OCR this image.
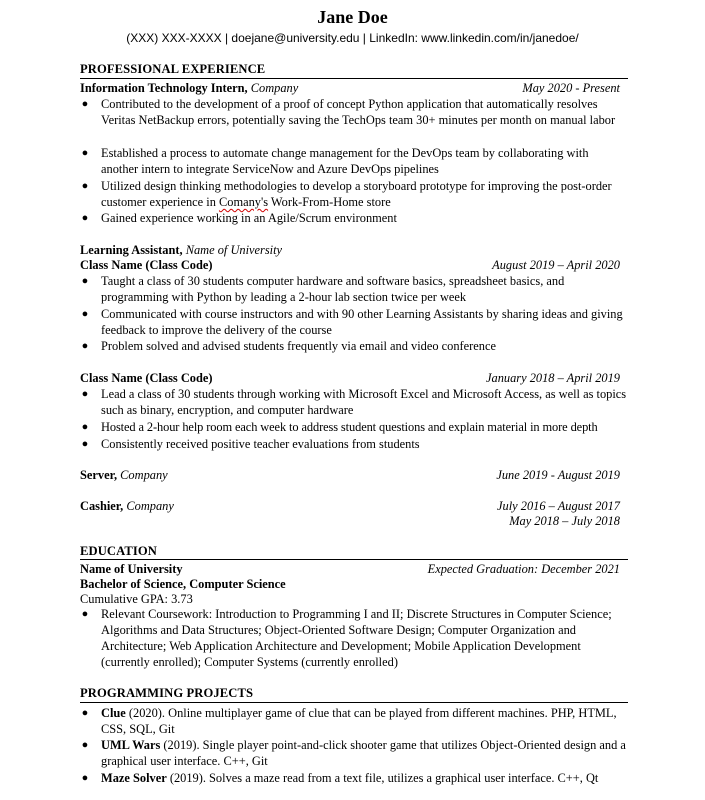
Jane Doe
(XXX) XXX-XXXX | doejane@university.edu | LinkedIn: www.linkedin.com/in/janedoe/
PROFESSIONAL EXPERIENCE
Information Technology Intern, Company	May 2020 - Present
● Contributed to the development of a proof of concept Python application that automatically resolves Veritas NetBackup errors, potentially saving the TechOps team 30+ minutes per month on manual labor
● Established a process to automate change management for the DevOps team by collaborating with another intern to integrate ServiceNow and Azure DevOps pipelines
● Utilized design thinking methodologies to develop a storyboard prototype for improving the post-order customer experience in Comany's Work-From-Home store
● Gained experience working in an Agile/Scrum environment
Learning Assistant, Name of University
Class Name (Class Code)	August 2019 – April 2020
● Taught a class of 30 students computer hardware and software basics, spreadsheet basics, and programming with Python by leading a 2-hour lab section twice per week
● Communicated with course instructors and with 90 other Learning Assistants by sharing ideas and giving feedback to improve the delivery of the course
● Problem solved and advised students frequently via email and video conference
Class Name (Class Code)	January 2018 – April 2019
● Lead a class of 30 students through working with Microsoft Excel and Microsoft Access, as well as topics such as binary, encryption, and computer hardware
● Hosted a 2-hour help room each week to address student questions and explain material in more depth
● Consistently received positive teacher evaluations from students
Server, Company	June 2019 - August 2019
Cashier, Company	July 2016 – August 2017
May 2018 – July 2018
EDUCATION
Name of University	Expected Graduation: December 2021
Bachelor of Science, Computer Science
Cumulative GPA: 3.73
● Relevant Coursework: Introduction to Programming I and II; Discrete Structures in Computer Science; Algorithms and Data Structures; Object-Oriented Software Design; Computer Organization and Architecture; Web Application Architecture and Development; Mobile Application Development (currently enrolled); Computer Systems (currently enrolled)
PROGRAMMING PROJECTS
● Clue (2020). Online multiplayer game of clue that can be played from different machines. PHP, HTML, CSS, SQL, Git
● UML Wars (2019). Single player point-and-click shooter game that utilizes Object-Oriented design and a graphical user interface. C++, Git
● Maze Solver (2019). Solves a maze read from a text file, utilizes a graphical user interface. C++, Qt
